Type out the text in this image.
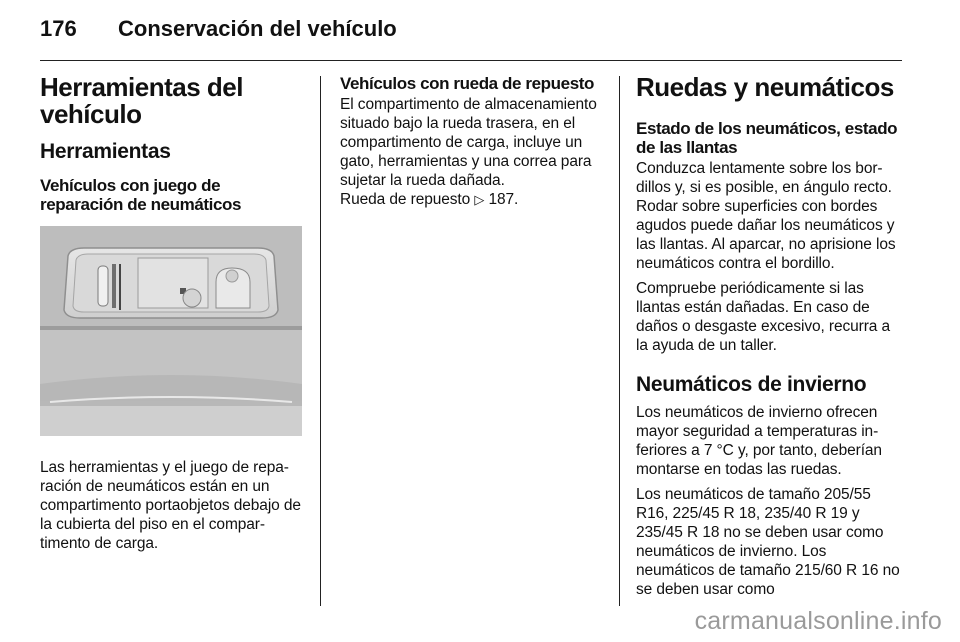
176 Conservación del vehículo
Herramientas del vehículo
Herramientas
Vehículos con juego de reparación de neumáticos

Las herramientas y el juego de reparación de neumáticos están en un compartimento portaobjetos debajo de la cubierta del piso en el compartimento de carga.

Vehículos con rueda de repuesto

El compartimento de almacenamiento situado bajo la rueda trasera, en el compartimento de carga, incluye un gato, herramientas y una correa para sujetar la rueda dañada.

Rueda de repuesto ▷ 187.

Ruedas y neumáticos
Estado de los neumáticos, estado de las llantas

Conduzca lentamente sobre los bordillos y, si es posible, en ángulo recto. Rodar sobre superficies con bordes agudos puede dañar los neumáticos y las llantas. Al aparcar, no aprisione los neumáticos contra el bordillo.

Compruebe periódicamente si las llantas están dañadas. En caso de daños o desgaste excesivo, recurra a la ayuda de un taller.

Neumáticos de invierno

Los neumáticos de invierno ofrecen mayor seguridad a temperaturas inferiores a 7 °C y, por tanto, deberían montarse en todas las ruedas.

Los neumáticos de tamaño 205/55 R16, 225/45 R 18, 235/40 R 19 y 235/45 R 18 no se deben usar como neumáticos de invierno. Los neumáticos de tamaño 215/60 R 16 no se deben usar como

carmanualsonline.info
